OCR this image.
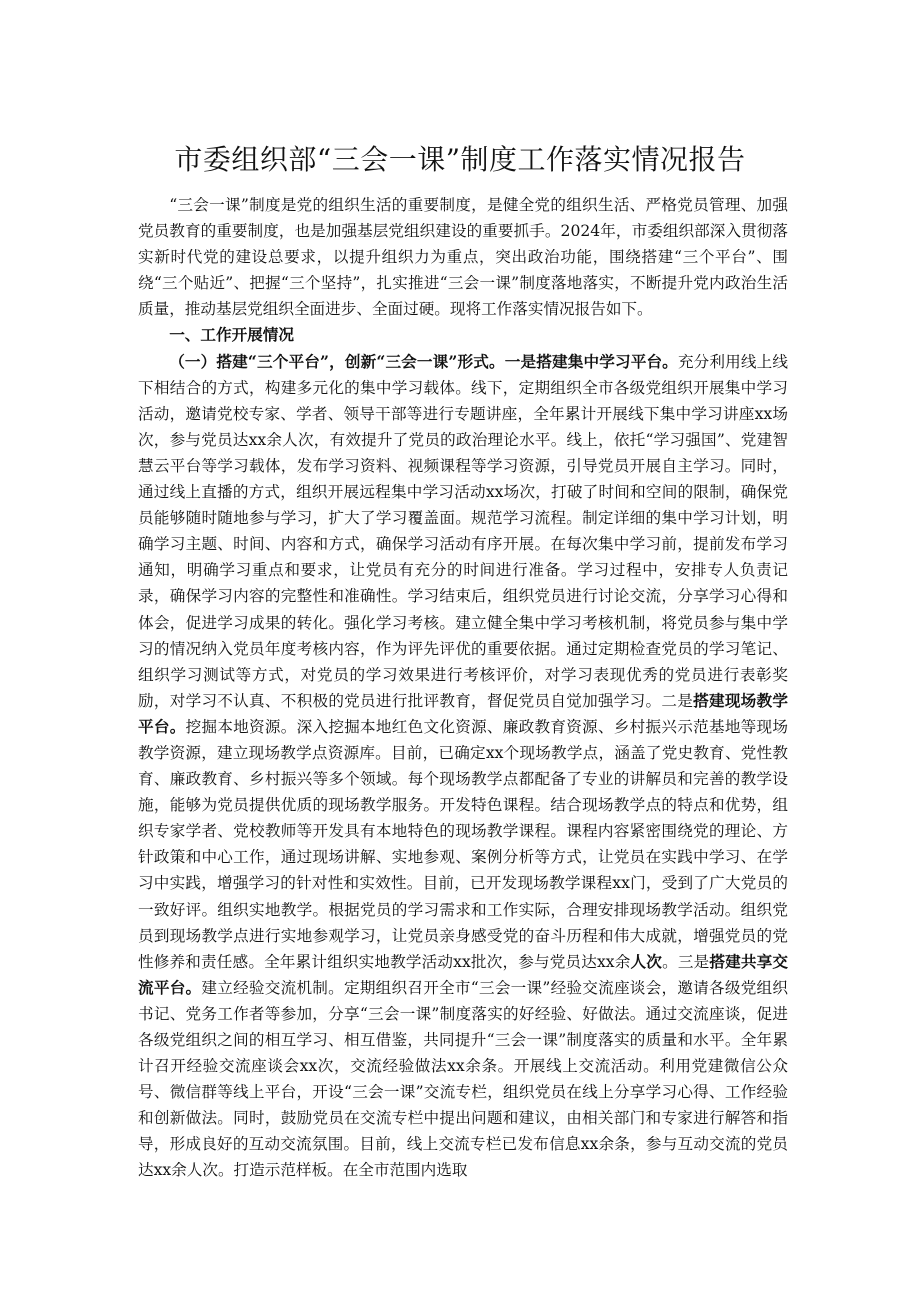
市委组织部“三会一课”制度工作落实情况报告

“三会一课”制度是党的组织生活的重要制度，是健全党的组织生活、严格党员管理、加强党员教育的重要制度，也是加强基层党组织建设的重要抓手。2024年，市委组织部深入贯彻落实新时代党的建设总要求，以提升组织力为重点，突出政治功能，围绕搭建“三个平台”、围绕“三个贴近”、把握“三个坚持”，扎实推进“三会一课”制度落地落实，不断提升党内政治生活质量，推动基层党组织全面进步、全面过硬。现将工作落实情况报告如下。

一、工作开展情况

（一）搭建“三个平台”，创新“三会一课”形式。一是搭建集中学习平台。充分利用线上线下相结合的方式，构建多元化的集中学习载体。线下，定期组织全市各级党组织开展集中学习活动，邀请党校专家、学者、领导干部等进行专题讲座，全年累计开展线下集中学习讲座xx场次，参与党员达xx余人次，有效提升了党员的政治理论水平。线上，依托“学习强国”、党建智慧云平台等学习载体，发布学习资料、视频课程等学习资源，引导党员开展自主学习。同时，通过线上直播的方式，组织开展远程集中学习活动xx场次，打破了时间和空间的限制，确保党员能够随时随地参与学习，扩大了学习覆盖面。规范学习流程。制定详细的集中学习计划，明确学习主题、时间、内容和方式，确保学习活动有序开展。在每次集中学习前，提前发布学习通知，明确学习重点和要求，让党员有充分的时间进行准备。学习过程中，安排专人负责记录，确保学习内容的完整性和准确性。学习结束后，组织党员进行讨论交流，分享学习心得和体会，促进学习成果的转化。强化学习考核。建立健全集中学习考核机制，将党员参与集中学习的情况纳入党员年度考核内容，作为评先评优的重要依据。通过定期检查党员的学习笔记、组织学习测试等方式，对党员的学习效果进行考核评价，对学习表现优秀的党员进行表彰奖励，对学习不认真、不积极的党员进行批评教育，督促党员自觉加强学习。二是搭建现场教学平台。挖掘本地资源。深入挖掘本地红色文化资源、廉政教育资源、乡村振兴示范基地等现场教学资源，建立现场教学点资源库。目前，已确定xx个现场教学点，涵盖了党史教育、党性教育、廉政教育、乡村振兴等多个领域。每个现场教学点都配备了专业的讲解员和完善的教学设施，能够为党员提供优质的现场教学服务。开发特色课程。结合现场教学点的特点和优势，组织专家学者、党校教师等开发具有本地特色的现场教学课程。课程内容紧密围绕党的理论、方针政策和中心工作，通过现场讲解、实地参观、案例分析等方式，让党员在实践中学习、在学习中实践，增强学习的针对性和实效性。目前，已开发现场教学课程xx门，受到了广大党员的一致好评。组织实地教学。根据党员的学习需求和工作实际，合理安排现场教学活动。组织党员到现场教学点进行实地参观学习，让党员亲身感受党的奋斗历程和伟大成就，增强党员的党性修养和责任感。全年累计组织实地教学活动xx批次，参与党员达xx余人次。三是搭建共享交流平台。建立经验交流机制。定期组织召开全市“三会一课”经验交流座谈会，邀请各级党组织书记、党务工作者等参加，分享“三会一课”制度落实的好经验、好做法。通过交流座谈，促进各级党组织之间的相互学习、相互借鉴，共同提升“三会一课”制度落实的质量和水平。全年累计召开经验交流座谈会xx次，交流经验做法xx余条。开展线上交流活动。利用党建微信公众号、微信群等线上平台，开设“三会一课”交流专栏，组织党员在线上分享学习心得、工作经验和创新做法。同时，鼓励党员在交流专栏中提出问题和建议，由相关部门和专家进行解答和指导，形成良好的互动交流氛围。目前，线上交流专栏已发布信息xx余条，参与互动交流的党员达xx余人次。打造示范样板。在全市范围内选取
